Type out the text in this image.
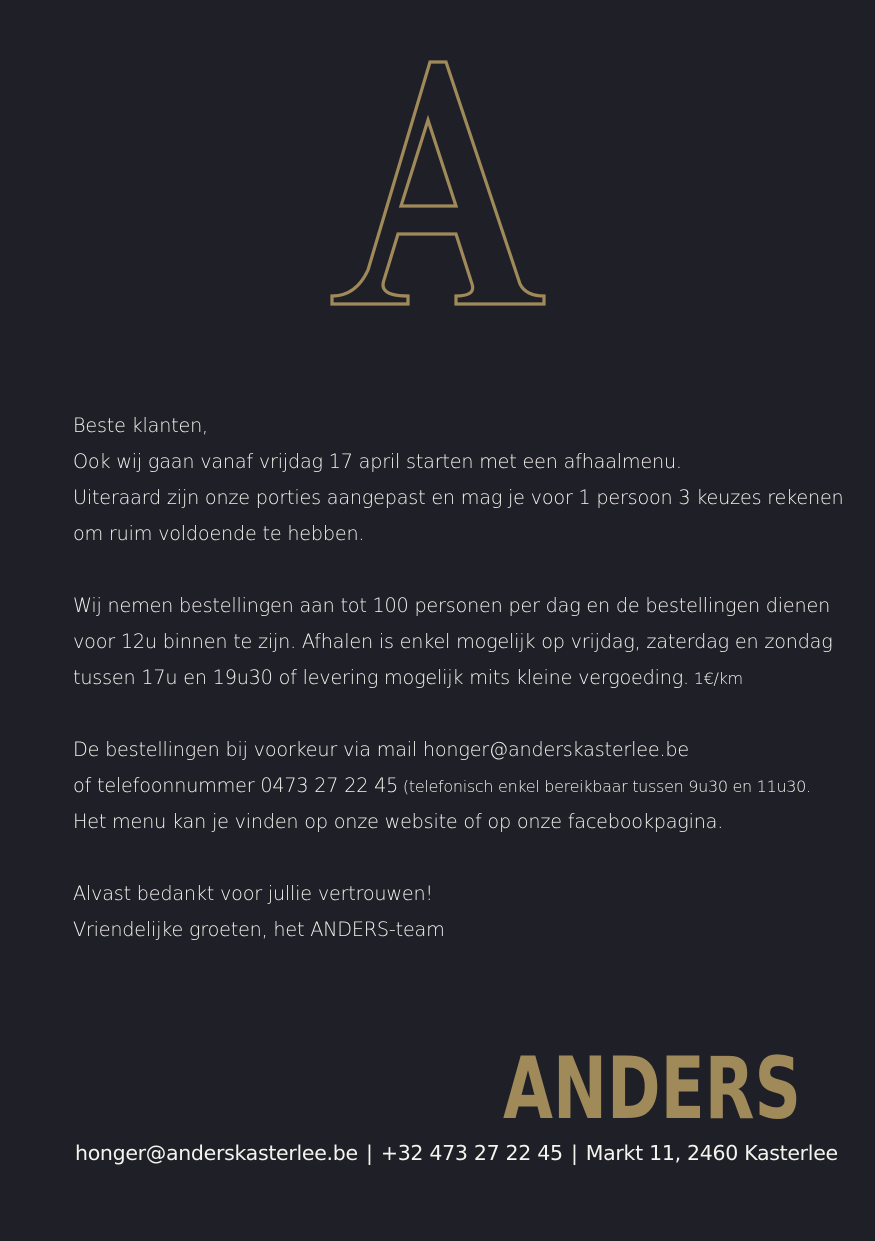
Beste klanten,
Ook wij gaan vanaf vrijdag 17 april starten met een afhaalmenu.
Uiteraard zijn onze porties aangepast en mag je voor 1 persoon 3 keuzes rekenen
om ruim voldoende te hebben.
Wij nemen bestellingen aan tot 100 personen per dag en de bestellingen dienen
voor 12u binnen te zijn. Afhalen is enkel mogelijk op vrijdag, zaterdag en zondag
tussen 17u en 19u30 of levering mogelijk mits kleine vergoeding. 1€/km
De bestellingen bij voorkeur via mail honger@anderskasterlee.be
of telefoonnummer 0473 27 22 45 (telefonisch enkel bereikbaar tussen 9u30 en 11u30.
Het menu kan je vinden op onze website of op onze facebookpagina.
Alvast bedankt voor jullie vertrouwen!
Vriendelijke groeten, het ANDERS-team
ANDERS
honger@anderskasterlee.be | +32 473 27 22 45 | Markt 11, 2460 Kasterlee
